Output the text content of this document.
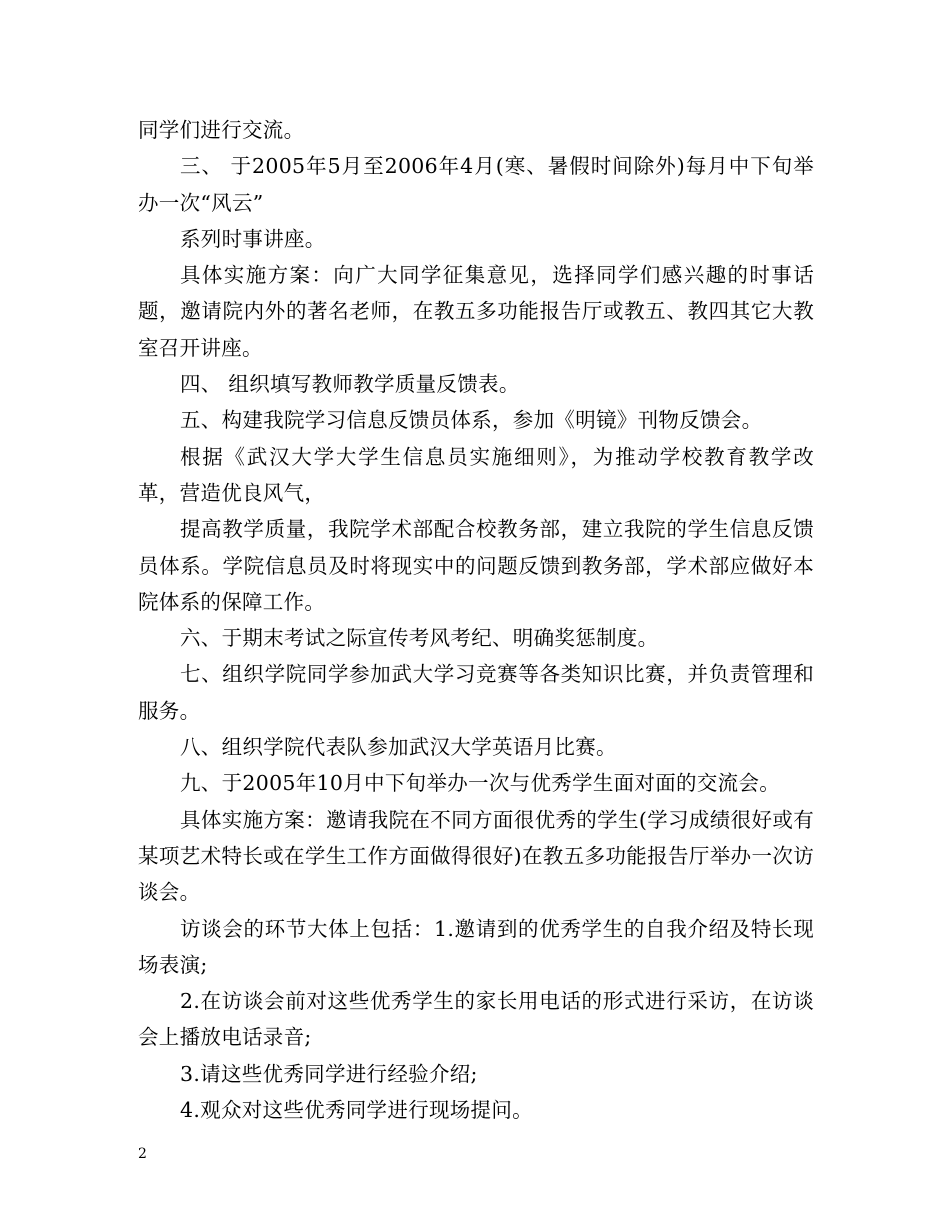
同学们进行交流。

三、 于2005年5月至2006年4月(寒、暑假时间除外)每月中下旬举办一次“风云”

系列时事讲座。

具体实施方案：向广大同学征集意见，选择同学们感兴趣的时事话题，邀请院内外的著名老师，在教五多功能报告厅或教五、教四其它大教室召开讲座。

四、 组织填写教师教学质量反馈表。

五、构建我院学习信息反馈员体系，参加《明镜》刊物反馈会。

根据《武汉大学大学生信息员实施细则》，为推动学校教育教学改革，营造优良风气，

提高教学质量，我院学术部配合校教务部，建立我院的学生信息反馈员体系。学院信息员及时将现实中的问题反馈到教务部，学术部应做好本院体系的保障工作。

六、于期末考试之际宣传考风考纪、明确奖惩制度。

七、组织学院同学参加武大学习竞赛等各类知识比赛，并负责管理和服务。

八、组织学院代表队参加武汉大学英语月比赛。

九、于2005年10月中下旬举办一次与优秀学生面对面的交流会。

具体实施方案：邀请我院在不同方面很优秀的学生(学习成绩很好或有某项艺术特长或在学生工作方面做得很好)在教五多功能报告厅举办一次访谈会。

访谈会的环节大体上包括：1.邀请到的优秀学生的自我介绍及特长现场表演;

2.在访谈会前对这些优秀学生的家长用电话的形式进行采访，在访谈会上播放电话录音;

3.请这些优秀同学进行经验介绍;

4.观众对这些优秀同学进行现场提问。

2
